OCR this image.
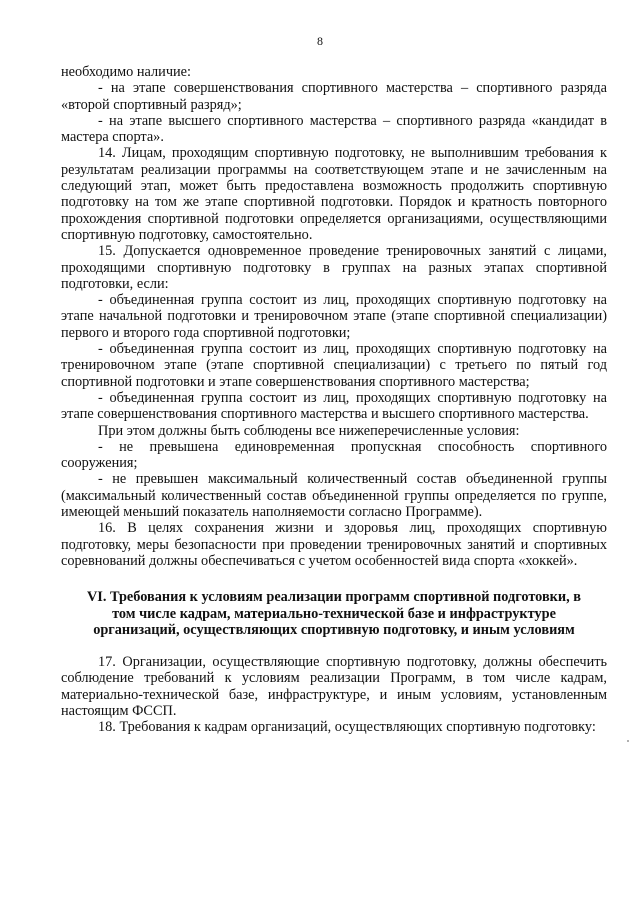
8

необходимо наличие:

- на этапе совершенствования спортивного мастерства – спортивного разряда «второй спортивный разряд»;

- на этапе высшего спортивного мастерства – спортивного разряда «кандидат в мастера спорта».

14. Лицам, проходящим спортивную подготовку, не выполнившим требования к результатам реализации программы на соответствующем этапе и не зачисленным на следующий этап, может быть предоставлена возможность продолжить спортивную подготовку на том же этапе спортивной подготовки. Порядок и кратность повторного прохождения спортивной подготовки определяется организациями, осуществляющими спортивную подготовку, самостоятельно.

15. Допускается одновременное проведение тренировочных занятий с лицами, проходящими спортивную подготовку в группах на разных этапах спортивной подготовки, если:

- объединенная группа состоит из лиц, проходящих спортивную подготовку на этапе начальной подготовки и тренировочном этапе (этапе спортивной специализации) первого и второго года спортивной подготовки;

- объединенная группа состоит из лиц, проходящих спортивную подготовку на тренировочном этапе (этапе спортивной специализации) с третьего по пятый год спортивной подготовки и этапе совершенствования спортивного мастерства;

- объединенная группа состоит из лиц, проходящих спортивную подготовку на этапе совершенствования спортивного мастерства и высшего спортивного мастерства.

При этом должны быть соблюдены все нижеперечисленные условия:

- не превышена единовременная пропускная способность спортивного сооружения;

- не превышен максимальный количественный состав объединенной группы (максимальный количественный состав объединенной группы определяется по группе, имеющей меньший показатель наполняемости согласно Программе).

16. В целях сохранения жизни и здоровья лиц, проходящих спортивную подготовку, меры безопасности при проведении тренировочных занятий и спортивных соревнований должны обеспечиваться с учетом особенностей вида спорта «хоккей».

VI. Требования к условиям реализации программ спортивной подготовки, в
том числе кадрам, материально-технической базе и инфраструктуре
организаций, осуществляющих спортивную подготовку, и иным условиям

17. Организации, осуществляющие спортивную подготовку, должны обеспечить соблюдение требований к условиям реализации Программ, в том числе кадрам, материально-технической базе, инфраструктуре, и иным условиям, установленным настоящим ФССП.

18. Требования к кадрам организаций, осуществляющих спортивную подготовку:
